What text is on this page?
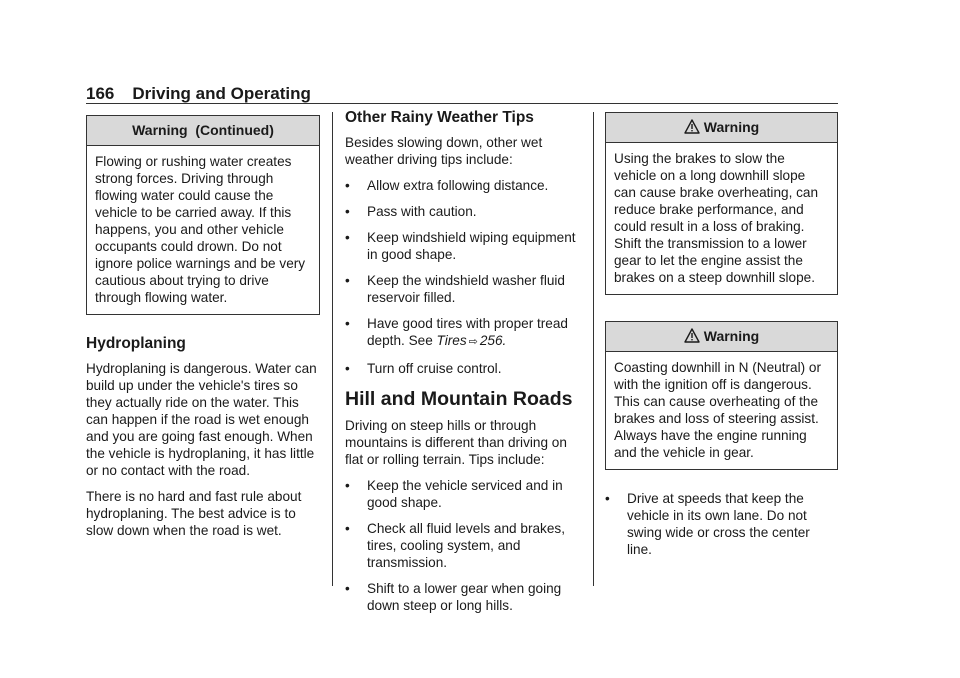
166 Driving and Operating
Warning  (Continued)
Flowing or rushing water creates strong forces. Driving through flowing water could cause the vehicle to be carried away. If this happens, you and other vehicle occupants could drown. Do not ignore police warnings and be very cautious about trying to drive through flowing water.
Hydroplaning

Hydroplaning is dangerous. Water can build up under the vehicle's tires so they actually ride on the water. This can happen if the road is wet enough and you are going fast enough. When the vehicle is hydroplaning, it has little or no contact with the road.

There is no hard and fast rule about hydroplaning. The best advice is to slow down when the road is wet.

Other Rainy Weather Tips

Besides slowing down, other wet weather driving tips include:

• Allow extra following distance.
• Pass with caution.
• Keep windshield wiping equipment in good shape.
• Keep the windshield washer fluid reservoir filled.
• Have good tires with proper tread depth. See Tires ⇨ 256.
• Turn off cruise control.
Hill and Mountain Roads

Driving on steep hills or through mountains is different than driving on flat or rolling terrain. Tips include:

• Keep the vehicle serviced and in good shape.
• Check all fluid levels and brakes, tires, cooling system, and transmission.
• Shift to a lower gear when going down steep or long hills.
Warning
Using the brakes to slow the vehicle on a long downhill slope can cause brake overheating, can reduce brake performance, and could result in a loss of braking. Shift the transmission to a lower gear to let the engine assist the brakes on a steep downhill slope.
Warning
Coasting downhill in N (Neutral) or with the ignition off is dangerous. This can cause overheating of the brakes and loss of steering assist. Always have the engine running and the vehicle in gear.
• Drive at speeds that keep the vehicle in its own lane. Do not swing wide or cross the center line.
